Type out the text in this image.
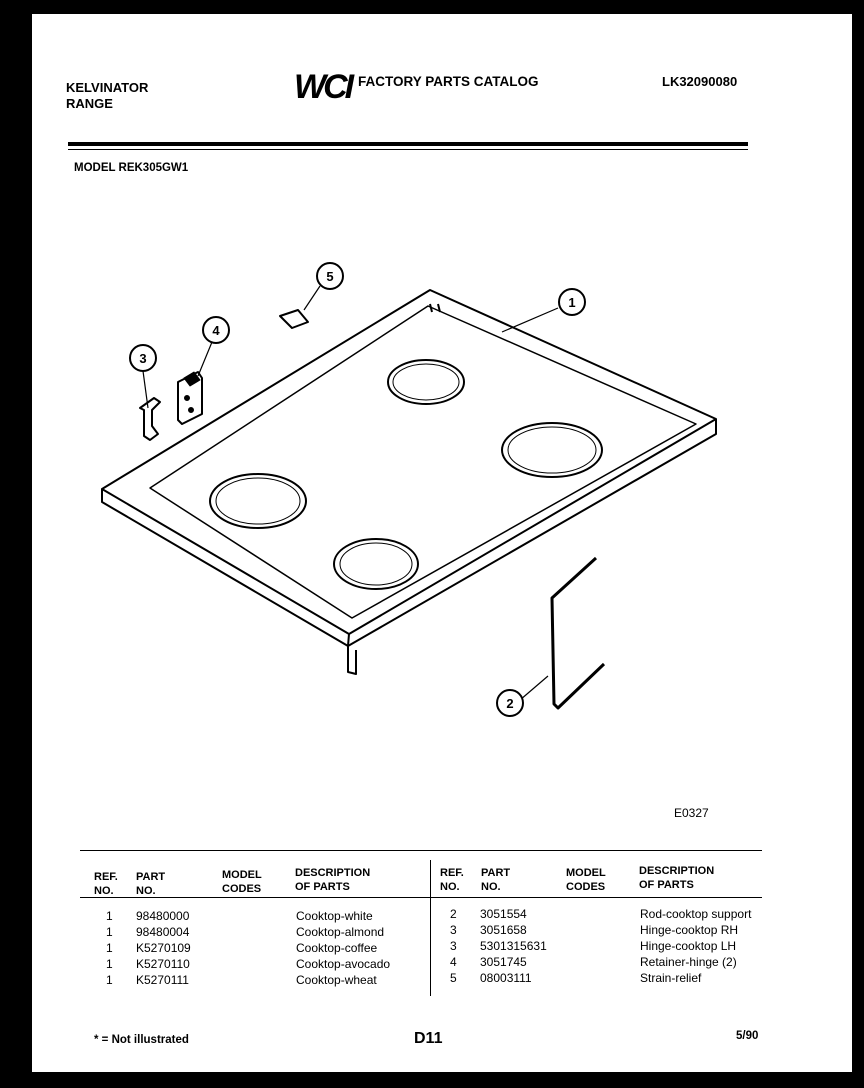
KELVINATOR
RANGE	WCI FACTORY PARTS CATALOG	LK32090080
MODEL REK305GW1
1
2
3
4
5
E0327
REF.
NO.
PART
NO.
MODEL
CODES
DESCRIPTION
OF PARTS
REF.
NO.
PART
NO.
MODEL
CODES
DESCRIPTION
OF PARTS
1 98480000	Cooktop-white
1 98480004	Cooktop-almond
1 K5270109	Cooktop-coffee
1 K5270110	Cooktop-avocado
1 K5270111	Cooktop-wheat
2 3051554	Rod-cooktop support
3 3051658	Hinge-cooktop RH
3 5301315631	Hinge-cooktop LH
4 3051745	Retainer-hinge (2)
5 08003111	Strain-relief
* = Not illustrated	D11	5/90
